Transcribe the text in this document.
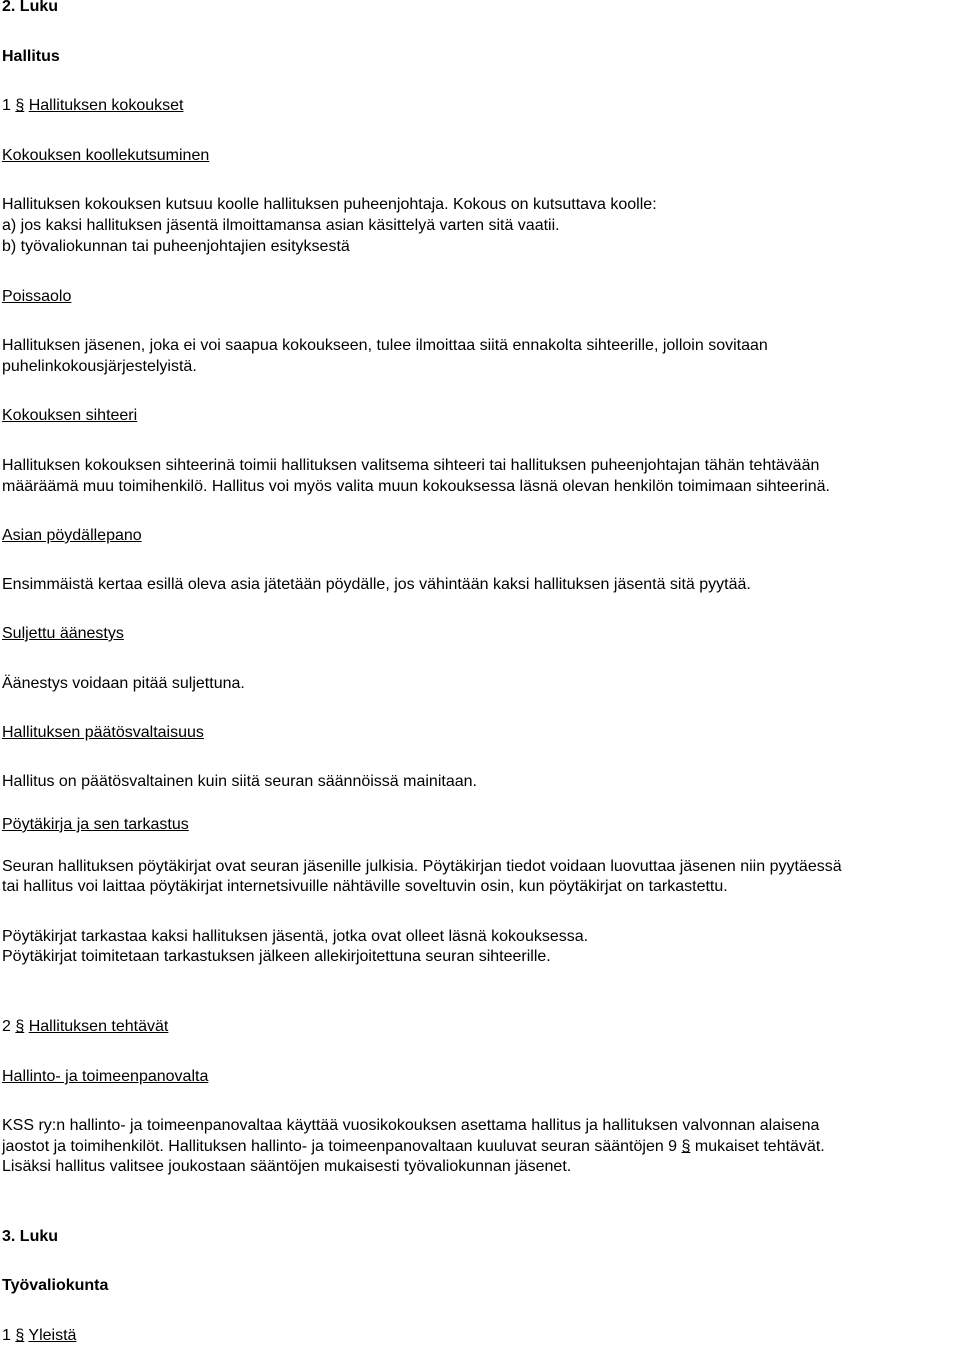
2. Luku
Hallitus
1 § Hallituksen kokoukset
Kokouksen koollekutsuminen
Hallituksen kokouksen kutsuu koolle hallituksen puheenjohtaja. Kokous on kutsuttava koolle:
a) jos kaksi hallituksen jäsentä ilmoittamansa asian käsittelyä varten sitä vaatii.
b) työvaliokunnan tai puheenjohtajien esityksestä
Poissaolo
Hallituksen jäsenen, joka ei voi saapua kokoukseen, tulee ilmoittaa siitä ennakolta sihteerille, jolloin sovitaan
puhelinkokousjärjestelyistä.
Kokouksen sihteeri
Hallituksen kokouksen sihteerinä toimii hallituksen valitsema sihteeri tai hallituksen puheenjohtajan tähän tehtävään
määräämä muu toimihenkilö. Hallitus voi myös valita muun kokouksessa läsnä olevan henkilön toimimaan sihteerinä.
Asian pöydällepano
Ensimmäistä kertaa esillä oleva asia jätetään pöydälle, jos vähintään kaksi hallituksen jäsentä sitä pyytää.
Suljettu äänestys
Äänestys voidaan pitää suljettuna.
Hallituksen päätösvaltaisuus
Hallitus on päätösvaltainen kuin siitä seuran säännöissä mainitaan.
Pöytäkirja ja sen tarkastus
Seuran hallituksen pöytäkirjat ovat seuran jäsenille julkisia. Pöytäkirjan tiedot voidaan luovuttaa jäsenen niin pyytäessä
tai hallitus voi laittaa pöytäkirjat internetsivuille nähtäville soveltuvin osin, kun pöytäkirjat on tarkastettu.
Pöytäkirjat tarkastaa kaksi hallituksen jäsentä, jotka ovat olleet läsnä kokouksessa.
Pöytäkirjat toimitetaan tarkastuksen jälkeen allekirjoitettuna seuran sihteerille.
2 § Hallituksen tehtävät
Hallinto- ja toimeenpanovalta
KSS ry:n hallinto- ja toimeenpanovaltaa käyttää vuosikokouksen asettama hallitus ja hallituksen valvonnan alaisena
jaostot ja toimihenkilöt. Hallituksen hallinto- ja toimeenpanovaltaan kuuluvat seuran sääntöjen 9 § mukaiset tehtävät.
Lisäksi hallitus valitsee joukostaan sääntöjen mukaisesti työvaliokunnan jäsenet.
3. Luku
Työvaliokunta
1 § Yleistä
